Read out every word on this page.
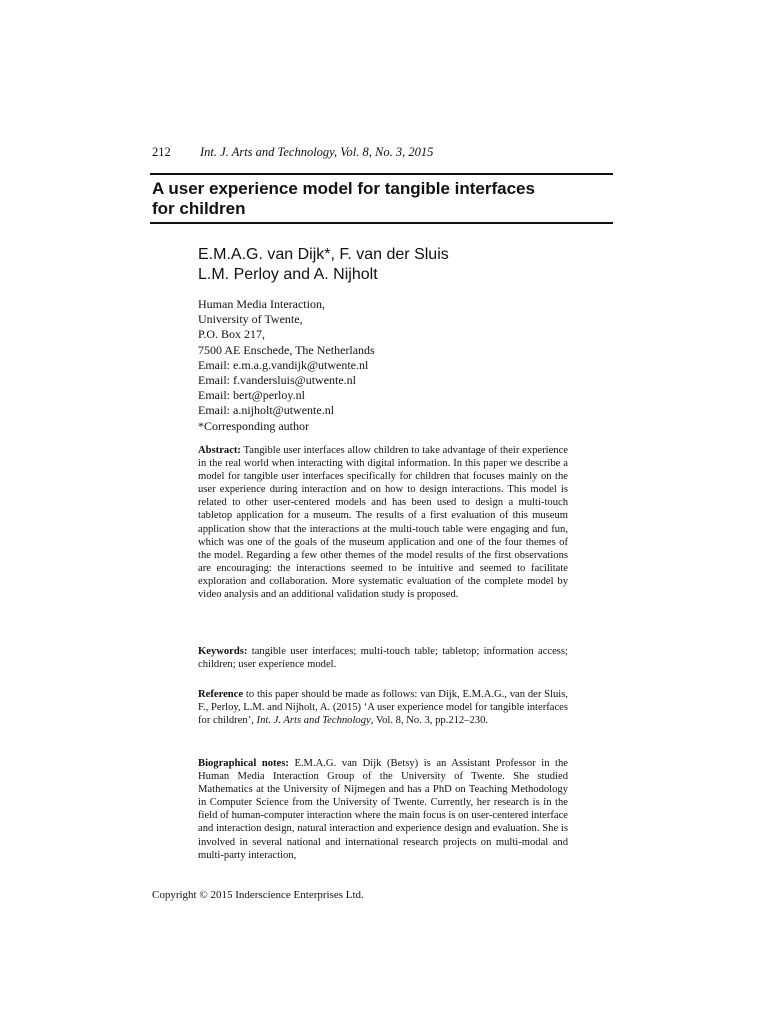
212 Int. J. Arts and Technology, Vol. 8, No. 3, 2015
A user experience model for tangible interfaces
for children
E.M.A.G. van Dijk*, F. van der Sluis
L.M. Perloy and A. Nijholt
Human Media Interaction,
University of Twente,
P.O. Box 217,
7500 AE Enschede, The Netherlands
Email: e.m.a.g.vandijk@utwente.nl
Email: f.vandersluis@utwente.nl
Email: bert@perloy.nl
Email: a.nijholt@utwente.nl
*Corresponding author
Abstract: Tangible user interfaces allow children to take advantage of their experience in the real world when interacting with digital information. In this paper we describe a model for tangible user interfaces specifically for children that focuses mainly on the user experience during interaction and on how to design interactions. This model is related to other user-centered models and has been used to design a multi-touch tabletop application for a museum. The results of a first evaluation of this museum application show that the interactions at the multi-touch table were engaging and fun, which was one of the goals of the museum application and one of the four themes of the model. Regarding a few other themes of the model results of the first observations are encouraging: the interactions seemed to be intuitive and seemed to facilitate exploration and collaboration. More systematic evaluation of the complete model by video analysis and an additional validation study is proposed.
Keywords: tangible user interfaces; multi-touch table; tabletop; information access; children; user experience model.
Reference to this paper should be made as follows: van Dijk, E.M.A.G., van der Sluis, F., Perloy, L.M. and Nijholt, A. (2015) ‘A user experience model for tangible interfaces for children’, Int. J. Arts and Technology, Vol. 8, No. 3, pp.212–230.
Biographical notes: E.M.A.G. van Dijk (Betsy) is an Assistant Professor in the Human Media Interaction Group of the University of Twente. She studied Mathematics at the University of Nijmegen and has a PhD on Teaching Methodology in Computer Science from the University of Twente. Currently, her research is in the field of human-computer interaction where the main focus is on user-centered interface and interaction design, natural interaction and experience design and evaluation. She is involved in several national and international research projects on multi-modal and multi-party interaction,
Copyright © 2015 Inderscience Enterprises Ltd.
